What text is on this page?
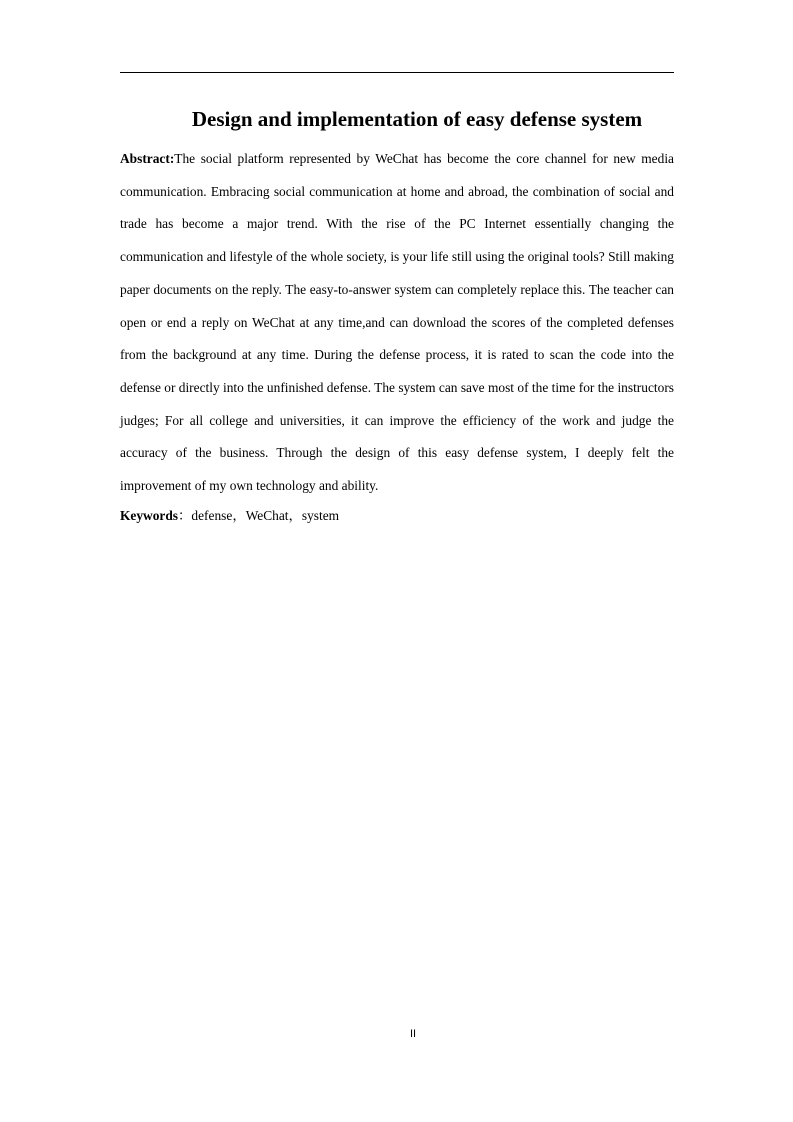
Design and implementation of easy defense system

Abstract:The social platform represented by WeChat has become the core channel for new media communication. Embracing social communication at home and abroad, the combination of social and trade has become a major trend. With the rise of the PC Internet essentially changing the communication and lifestyle of the whole society, is your life still using the original tools? Still making paper documents on the reply. The easy-to-answer system can completely replace this. The teacher can open or end a reply on WeChat at any time,and can download the scores of the completed defenses from the background at any time. During the defense process, it is rated to scan the code into the defense or directly into the unfinished defense. The system can save most of the time for the instructors judges; For all college and universities, it can improve the efficiency of the work and judge the accuracy of the business. Through the design of this easy defense system, I deeply felt the improvement of my own technology and ability.

Keywords：defense，WeChat，system
II
